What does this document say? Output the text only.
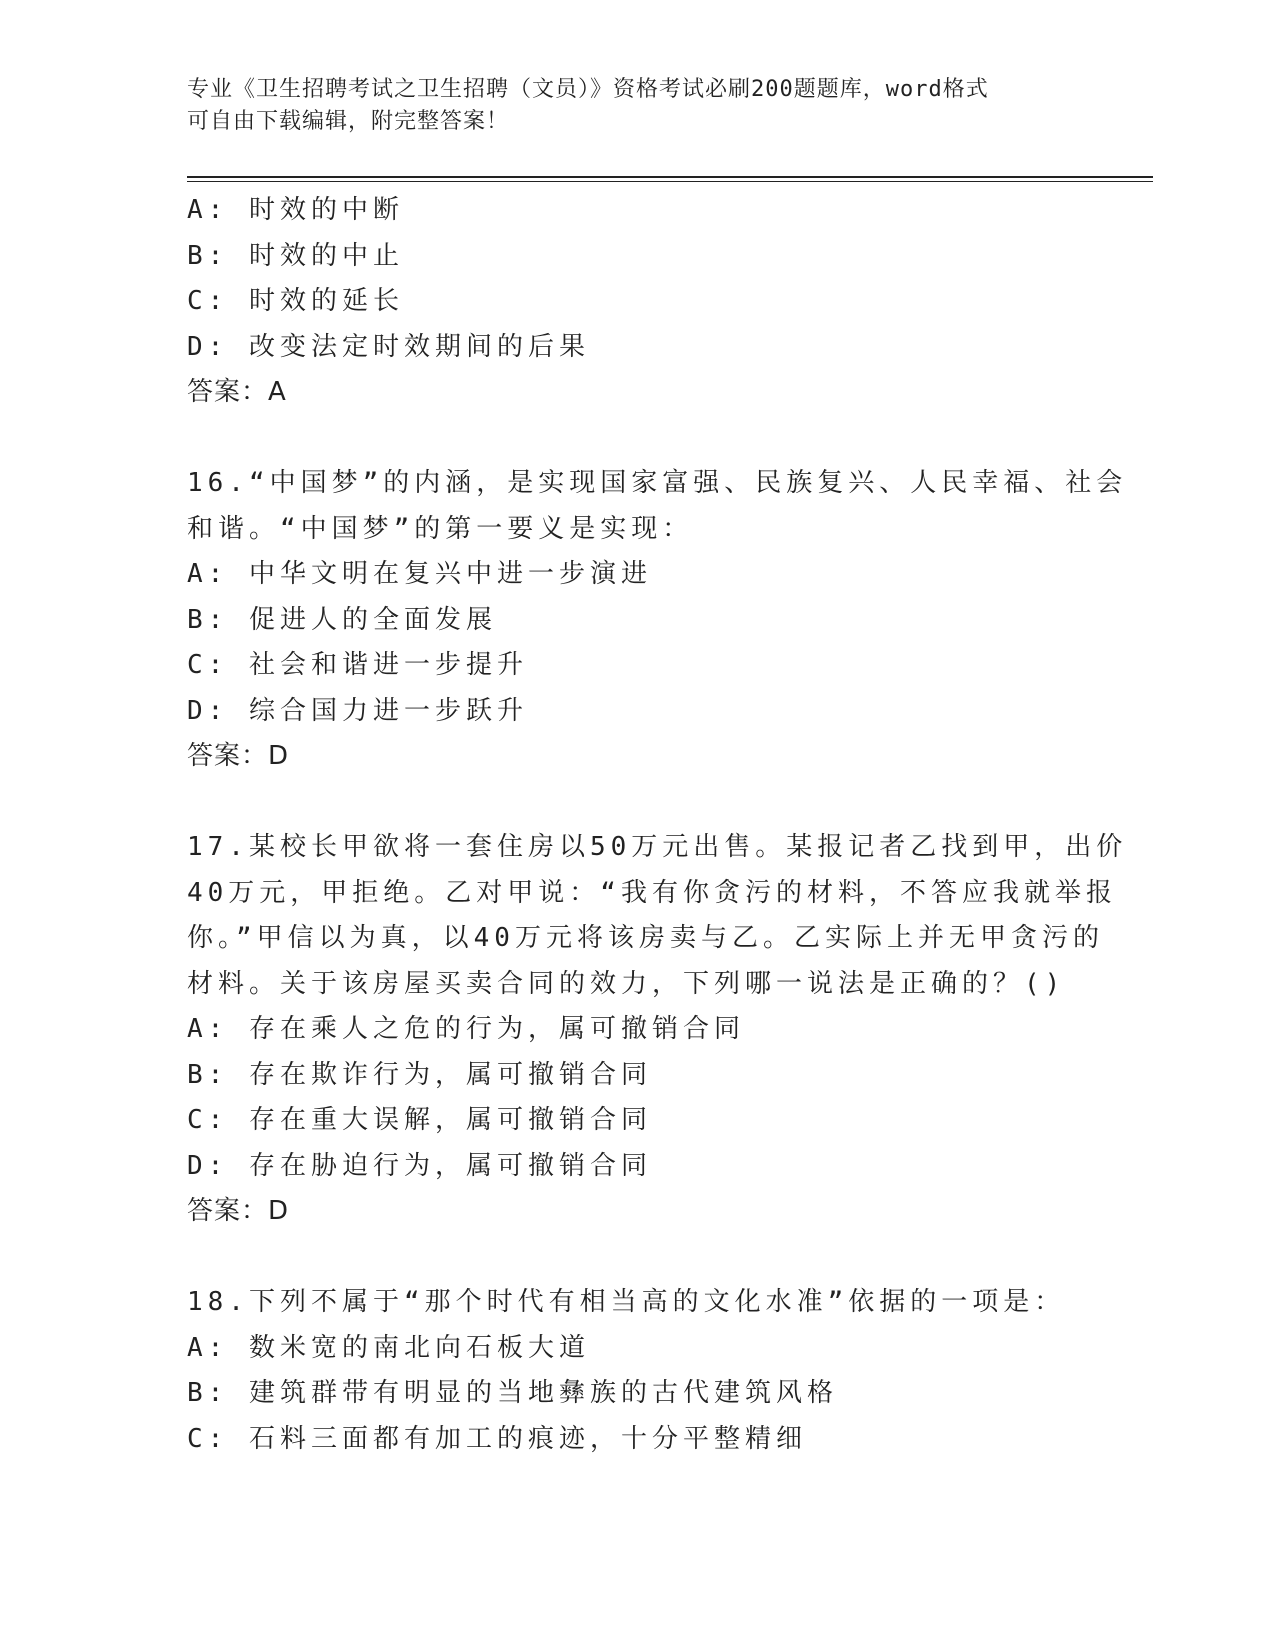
专业《卫生招聘考试之卫生招聘（文员）》资格考试必刷200题题库，word格式
可自由下载编辑，附完整答案！
A: 时效的中断
B: 时效的中止
C: 时效的延长
D: 改变法定时效期间的后果
答案：A
16.“中国梦”的内涵，是实现国家富强、民族复兴、人民幸福、社会
和谐。“中国梦”的第一要义是实现：
A: 中华文明在复兴中进一步演进
B: 促进人的全面发展
C: 社会和谐进一步提升
D: 综合国力进一步跃升
答案：D
17.某校长甲欲将一套住房以50万元出售。某报记者乙找到甲，出价
40万元，甲拒绝。乙对甲说：“我有你贪污的材料，不答应我就举报
你。”甲信以为真，以40万元将该房卖与乙。乙实际上并无甲贪污的
材料。关于该房屋买卖合同的效力，下列哪一说法是正确的？()
A: 存在乘人之危的行为，属可撤销合同
B: 存在欺诈行为，属可撤销合同
C: 存在重大误解，属可撤销合同
D: 存在胁迫行为，属可撤销合同
答案：D
18.下列不属于“那个时代有相当高的文化水准”依据的一项是：
A: 数米宽的南北向石板大道
B: 建筑群带有明显的当地彝族的古代建筑风格
C: 石料三面都有加工的痕迹，十分平整精细
